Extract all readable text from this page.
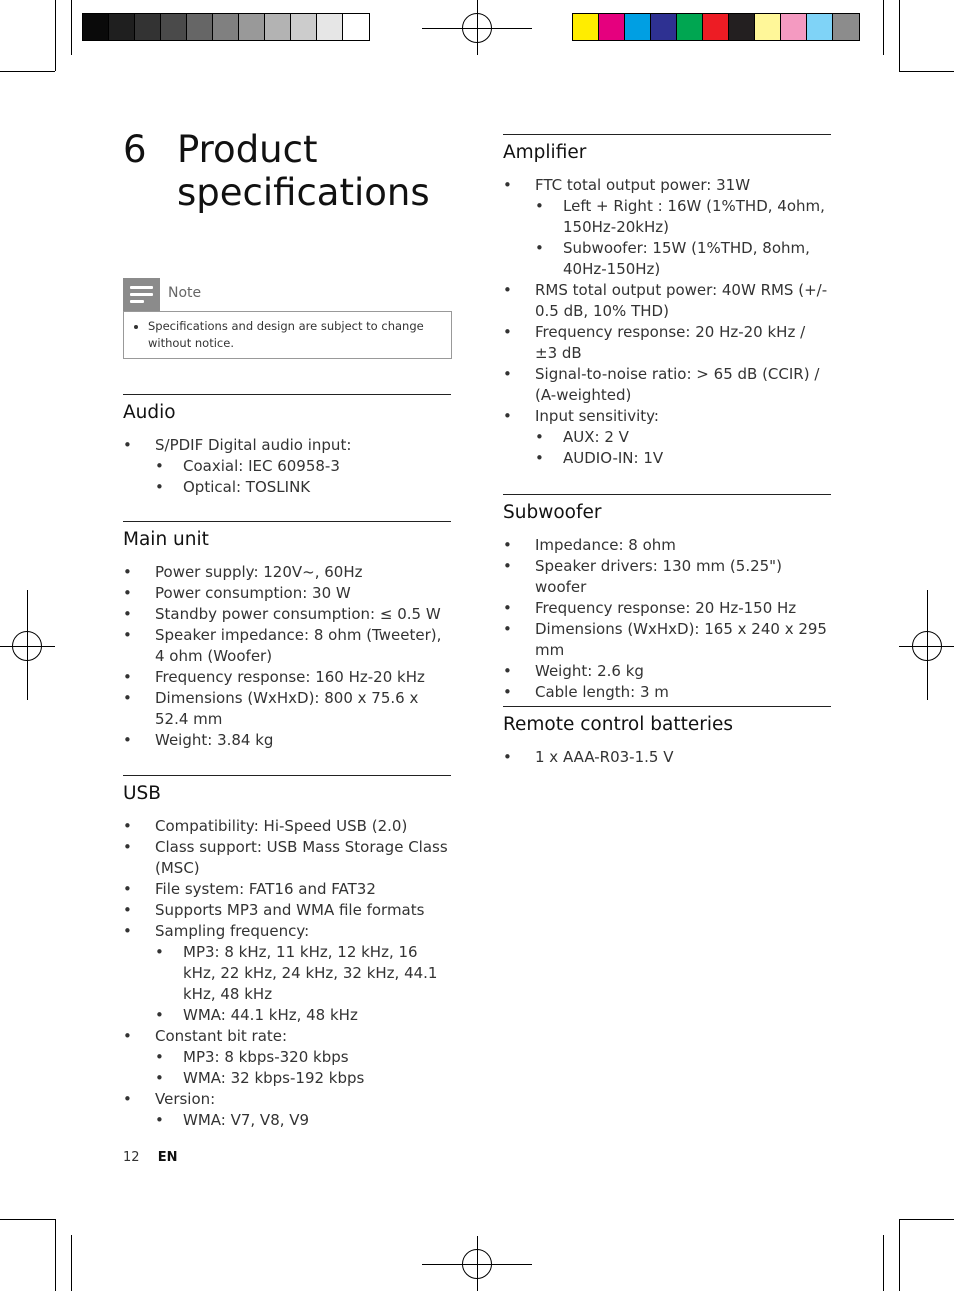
6 Product specifications
Note
• Specifications and design are subject to change without notice.
Audio
• S/PDIF Digital audio input:
• Coaxial: IEC 60958-3
• Optical: TOSLINK
Main unit
• Power supply: 120V~, 60Hz
• Power consumption: 30 W
• Standby power consumption: ≤ 0.5 W
• Speaker impedance: 8 ohm (Tweeter), 4 ohm (Woofer)
• Frequency response: 160 Hz-20 kHz
• Dimensions (WxHxD): 800 x 75.6 x 52.4 mm
• Weight: 3.84 kg
USB
• Compatibility: Hi-Speed USB (2.0)
• Class support: USB Mass Storage Class (MSC)
• File system: FAT16 and FAT32
• Supports MP3 and WMA file formats
• Sampling frequency:
• MP3: 8 kHz, 11 kHz, 12 kHz, 16 kHz, 22 kHz, 24 kHz, 32 kHz, 44.1 kHz, 48 kHz
• WMA: 44.1 kHz, 48 kHz
• Constant bit rate:
• MP3: 8 kbps-320 kbps
• WMA: 32 kbps-192 kbps
• Version:
• WMA: V7, V8, V9
Amplifier
• FTC total output power: 31W
• Left + Right : 16W (1%THD, 4ohm, 150Hz-20kHz)
• Subwoofer: 15W (1%THD, 8ohm, 40Hz-150Hz)
• RMS total output power: 40W RMS (+/- 0.5 dB, 10% THD)
• Frequency response: 20 Hz-20 kHz / ±3 dB
• Signal-to-noise ratio: > 65 dB (CCIR) / (A-weighted)
• Input sensitivity:
• AUX: 2 V
• AUDIO-IN: 1V
Subwoofer
• Impedance: 8 ohm
• Speaker drivers: 130 mm (5.25") woofer
• Frequency response: 20 Hz-150 Hz
• Dimensions (WxHxD): 165 x 240 x 295 mm
• Weight: 2.6 kg
• Cable length: 3 m
Remote control batteries
• 1 x AAA-R03-1.5 V
12 EN
